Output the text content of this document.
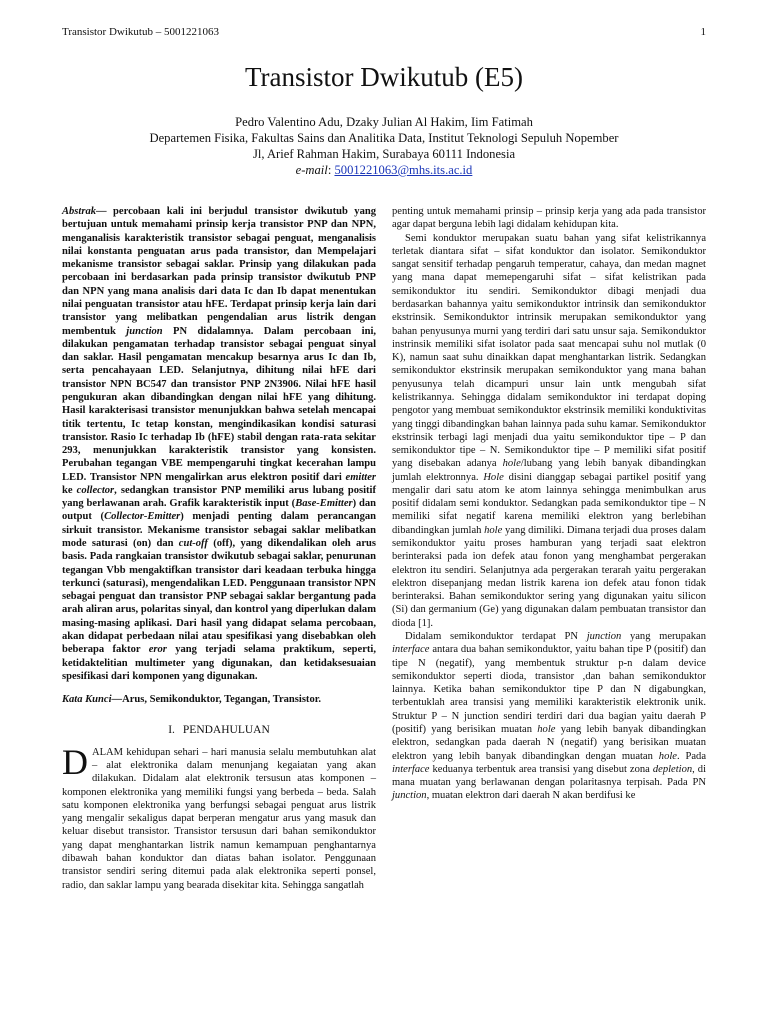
Transistor Dwikutub – 5001221063	1
Transistor Dwikutub (E5)
Pedro Valentino Adu, Dzaky Julian Al Hakim, Iim Fatimah
Departemen Fisika, Fakultas Sains dan Analitika Data, Institut Teknologi Sepuluh Nopember
Jl, Arief Rahman Hakim, Surabaya 60111 Indonesia
e-mail: 5001221063@mhs.its.ac.id

Abstrak— percobaan kali ini berjudul transistor dwikutub yang bertujuan untuk memahami prinsip kerja transistor PNP dan NPN, menganalisis karakteristik transistor sebagai penguat, menganalisis nilai konstanta penguatan arus pada transistor, dan Mempelajari mekanisme transistor sebagai saklar. Prinsip yang dilakukan pada percobaan ini berdasarkan pada prinsip transistor dwikutub PNP dan NPN yang mana analisis dari data Ic dan Ib dapat menentukan nilai penguatan transistor atau hFE. Terdapat prinsip kerja lain dari transistor yang melibatkan pengendalian arus listrik dengan membentuk junction PN didalamnya. Dalam percobaan ini, dilakukan pengamatan terhadap transistor sebagai penguat sinyal dan saklar. Hasil pengamatan mencakup besarnya arus Ic dan Ib, serta pencahayaan LED. Selanjutnya, dihitung nilai hFE dari transistor NPN BC547 dan transistor PNP 2N3906. Nilai hFE hasil pengukuran akan dibandingkan dengan nilai hFE yang dihitung. Hasil karakterisasi transistor menunjukkan bahwa setelah mencapai titik tertentu, Ic tetap konstan, mengindikasikan kondisi saturasi transistor. Rasio Ic terhadap Ib (hFE) stabil dengan rata-rata sekitar 293, menunjukkan karakteristik transistor yang konsisten. Perubahan tegangan VBE mempengaruhi tingkat kecerahan lampu LED. Transistor NPN mengalirkan arus elektron positif dari emitter ke collector, sedangkan transistor PNP memiliki arus lubang positif yang berlawanan arah. Grafik karakteristik input (Base-Emitter) dan output (Collector-Emitter) menjadi penting dalam perancangan sirkuit transistor. Mekanisme transistor sebagai saklar melibatkan mode saturasi (on) dan cut-off (off), yang dikendalikan oleh arus basis. Pada rangkaian transistor dwikutub sebagai saklar, penurunan tegangan Vbb mengaktifkan transistor dari keadaan terbuka hingga terkunci (saturasi), mengendalikan LED. Penggunaan transistor NPN sebagai penguat dan transistor PNP sebagai saklar bergantung pada arah aliran arus, polaritas sinyal, dan kontrol yang diperlukan dalam masing-masing aplikasi. Dari hasil yang didapat selama percobaan, akan didapat perbedaan nilai atau spesifikasi yang disebabkan oleh beberapa faktor eror yang terjadi selama praktikum, seperti, ketidaktelitian multimeter yang digunakan, dan ketidaksesuaian spesifikasi dari komponen yang digunakan.

Kata Kunci—Arus, Semikonduktor, Tegangan, Transistor.

I. PENDAHULUAN

DALAM kehidupan sehari – hari manusia selalu membutuhkan alat – alat elektronika dalam menunjang kegaiatan yang akan dilakukan. Didalam alat elektronik tersusun atas komponen – komponen elektronika yang memiliki fungsi yang berbeda – beda. Salah satu komponen elektronika yang berfungsi sebagai penguat arus listrik yang mengalir sekaligus dapat berperan mengatur arus yang masuk dan keluar disebut transistor. Transistor tersusun dari bahan semikonduktor yang dapat menghantarkan listrik namun kemampuan penghantarnya dibawah bahan konduktor dan diatas bahan isolator. Penggunaan transistor sendiri sering ditemui pada alak elektronika seperti ponsel, radio, dan saklar lampu yang bearada disekitar kita. Sehingga sangatlah

penting untuk memahami prinsip – prinsip kerja yang ada pada transistor agar dapat berguna lebih lagi didalam kehidupan kita.

Semi konduktor merupakan suatu bahan yang sifat kelistrikannya terletak diantara sifat – sifat konduktor dan isolator. Semikonduktor sangat sensitif terhadap pengaruh temperatur, cahaya, dan medan magnet yang mana dapat memepengaruhi sifat – sifat kelistrikan pada semikonduktor itu sendiri. Semikonduktor dibagi menjadi dua berdasarkan bahannya yaitu semikonduktor intrinsik dan semikonduktor ekstrinsik. Semikonduktor intrinsik merupakan semikonduktor yang bahan penyusunya murni yang terdiri dari satu unsur saja. Semikonduktor instrinsik memiliki sifat isolator pada saat mencapai suhu nol mutlak (0 K), namun saat suhu dinaikkan dapat menghantarkan listrik. Sedangkan semikonduktor ekstrinsik merupakan semikonduktor yang mana bahan penyusunya telah dicampuri unsur lain untk mengubah sifat kelistrikannya. Sehingga didalam semikonduktor ini terdapat doping pengotor yang membuat semikonduktor ekstrinsik memiliki konduktivitas yang tinggi dibandingkan bahan lainnya pada suhu kamar. Semikonduktor ekstrinsik terbagi lagi menjadi dua yaitu semikonduktor tipe – P dan semikonduktor tipe – N. Semikonduktor tipe – P memiliki sifat positif yang disebakan adanya hole/lubang yang lebih banyak dibandingkan jumlah elektronnya. Hole disini dianggap sebagai partikel positif yang mengalir dari satu atom ke atom lainnya sehingga menimbulkan arus positif didalam semi konduktor. Sedangkan pada semikonduktor tipe – N memiliki sifat negatif karena memiliki elektron yang berlebihan dibandingkan jumlah hole yang dimiliki. Dimana terjadi dua proses dalam semikonduktor yaitu proses hamburan yang terjadi saat elektron berinteraksi pada ion defek atau fonon yang menghambat pergerakan elektron itu sendiri. Selanjutnya ada pergerakan terarah yaitu pergerakan elektron disepanjang medan listrik karena ion defek atau fonon tidak berinteraksi. Bahan semikonduktor sering yang digunakan yaitu silicon (Si) dan germanium (Ge) yang digunakan dalam pembuatan transistor dan dioda [1].

Didalam semikonduktor terdapat PN junction yang merupakan interface antara dua bahan semikonduktor, yaitu bahan tipe P (positif) dan tipe N (negatif), yang membentuk struktur p-n dalam device semikonduktor seperti dioda, transistor ,dan bahan semikonduktor lainnya. Ketika bahan semikonduktor tipe P dan N digabungkan, terbentuklah area transisi yang memiliki karakteristik elektronik unik. Struktur P – N junction sendiri terdiri dari dua bagian yaitu daerah P (positif) yang berisikan muatan hole yang lebih banyak dibandingkan elektron, sedangkan pada daerah N (negatif) yang berisikan muatan elektron yang lebih banyak dibandingkan dengan muatan hole. Pada interface keduanya terbentuk area transisi yang disebut zona depletion, di mana muatan yang berlawanan dengan polaritasnya terpisah. Pada PN junction, muatan elektron dari daerah N akan berdifusi ke
